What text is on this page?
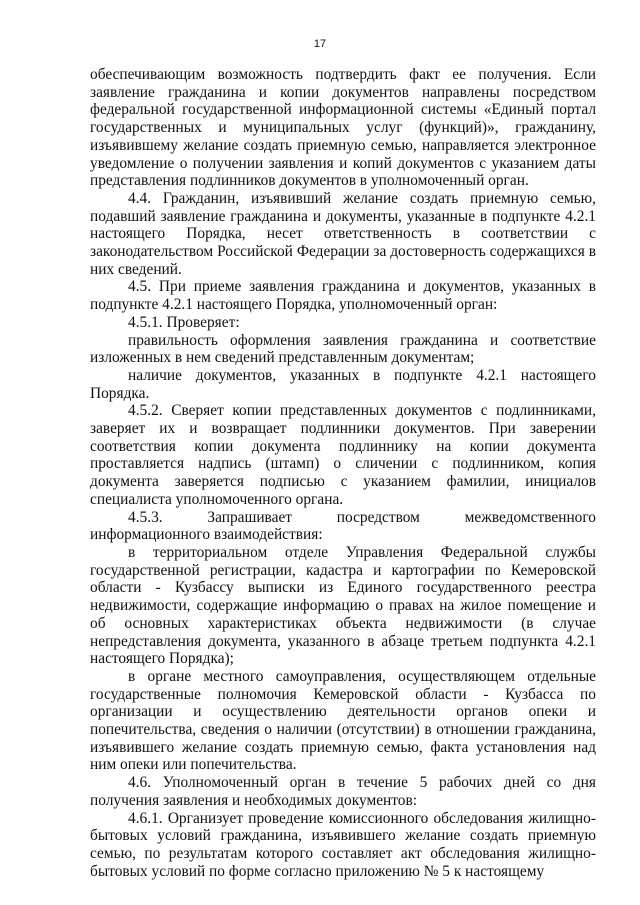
17

обеспечивающим возможность подтвердить факт ее получения. Если заявление гражданина и копии документов направлены посредством федеральной государственной информационной системы «Единый портал государственных и муниципальных услуг (функций)», гражданину, изъявившему желание создать приемную семью, направляется электронное уведомление о получении заявления и копий документов с указанием даты представления подлинников документов в уполномоченный орган.

4.4. Гражданин, изъявивший желание создать приемную семью, подавший заявление гражданина и документы, указанные в подпункте 4.2.1 настоящего Порядка, несет ответственность в соответствии с законодательством Российской Федерации за достоверность содержащихся в них сведений.

4.5. При приеме заявления гражданина и документов, указанных в подпункте 4.2.1 настоящего Порядка, уполномоченный орган:

4.5.1. Проверяет:

правильность оформления заявления гражданина и соответствие изложенных в нем сведений представленным документам;

наличие документов, указанных в подпункте 4.2.1 настоящего Порядка.

4.5.2. Сверяет копии представленных документов с подлинниками, заверяет их и возвращает подлинники документов. При заверении соответствия копии документа подлиннику на копии документа проставляется надпись (штамп) о сличении с подлинником, копия документа заверяется подписью с указанием фамилии, инициалов специалиста уполномоченного органа.

4.5.3. Запрашивает посредством межведомственного информационного взаимодействия:

в территориальном отделе Управления Федеральной службы государственной регистрации, кадастра и картографии по Кемеровской области - Кузбассу выписки из Единого государственного реестра недвижимости, содержащие информацию о правах на жилое помещение и об основных характеристиках объекта недвижимости (в случае непредставления документа, указанного в абзаце третьем подпункта 4.2.1 настоящего Порядка);

в органе местного самоуправления, осуществляющем отдельные государственные полномочия Кемеровской области - Кузбасса по организации и осуществлению деятельности органов опеки и попечительства, сведения о наличии (отсутствии) в отношении гражданина, изъявившего желание создать приемную семью, факта установления над ним опеки или попечительства.

4.6. Уполномоченный орган в течение 5 рабочих дней со дня получения заявления и необходимых документов:

4.6.1. Организует проведение комиссионного обследования жилищно-бытовых условий гражданина, изъявившего желание создать приемную семью, по результатам которого составляет акт обследования жилищно-бытовых условий по форме согласно приложению № 5 к настоящему
